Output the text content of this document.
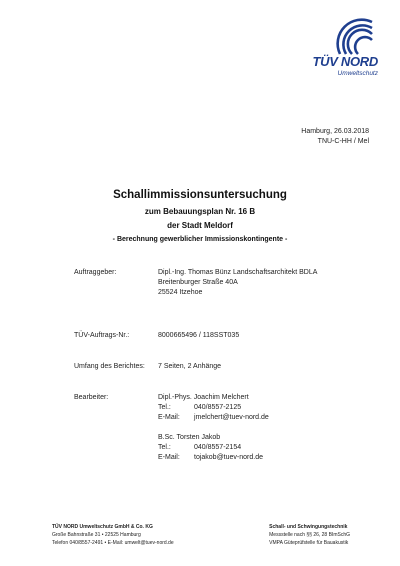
TÜV NORD
Umweltschutz
Hamburg, 26.03.2018
TNU-C-HH / Mel
Schallimmissionsuntersuchung
zum Bebauungsplan Nr. 16 B
der Stadt Meldorf
- Berechnung gewerblicher Immissionskontingente -
Auftraggeber:	Dipl.-Ing. Thomas Bünz Landschaftsarchitekt BDLA
Breitenburger Straße 40A
25524 Itzehoe
TÜV-Auftrags-Nr.:	8000665496 / 118SST035
Umfang des Berichtes: 7 Seiten, 2 Anhänge
Bearbeiter:	Dipl.-Phys. Joachim Melchert
Tel.:	040/8557-2125
E-Mail:	jmelchert@tuev-nord.de
B.Sc. Torsten Jakob
Tel.:	040/8557-2154
E-Mail:	tojakob@tuev-nord.de
TÜV NORD Umweltschutz GmbH & Co. KG
Große Bahnstraße 31 • 22525 Hamburg
Telefon 040/8557-2491 • E-Mail: umwelt@tuev-nord.de
Schall- und Schwingungstechnik
Messstelle nach §§ 26, 28 BImSchG
VMPA Güteprüfstelle für Bauakustik
